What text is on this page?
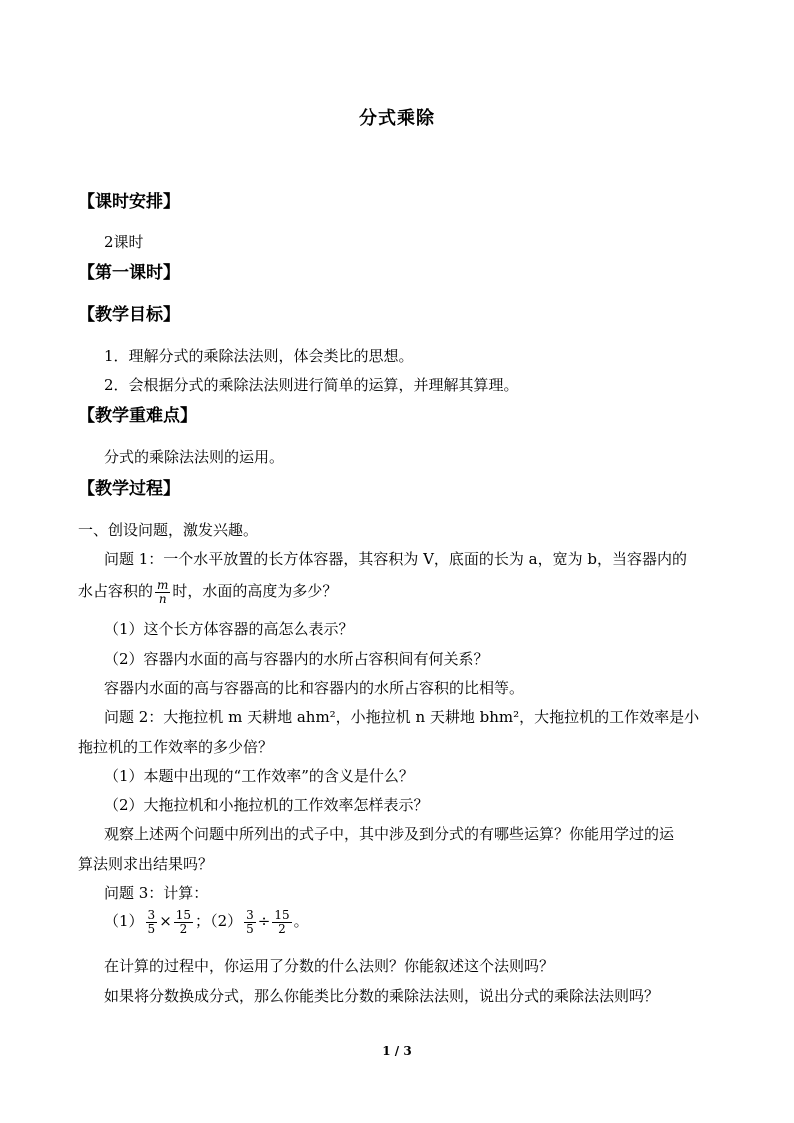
分式乘除
【课时安排】
2课时
【第一课时】
【教学目标】
1．理解分式的乘除法法则，体会类比的思想。
2．会根据分式的乘除法法则进行简单的运算，并理解其算理。
【教学重难点】
分式的乘除法法则的运用。
【教学过程】
一、创设问题，激发兴趣。
问题 1：一个水平放置的长方体容器，其容积为 V，底面的长为 a，宽为 b，当容器内的
水占容积的 $\frac{m}{n}$ 时，水面的高度为多少？
（1）这个长方体容器的高怎么表示？
（2）容器内水面的高与容器内的水所占容积间有何关系？
容器内水面的高与容器高的比和容器内的水所占容积的比相等。
问题 2：大拖拉机 m 天耕地 ahm²，小拖拉机 n 天耕地 bhm²，大拖拉机的工作效率是小
拖拉机的工作效率的多少倍？
（1）本题中出现的“工作效率”的含义是什么？
（2）大拖拉机和小拖拉机的工作效率怎样表示？
观察上述两个问题中所列出的式子中，其中涉及到分式的有哪些运算？你能用学过的运
算法则求出结果吗？
问题 3：计算：
$(1) \frac{3}{5} \times \frac{15}{2}$ ；$(2) \frac{3}{5} \div \frac{15}{2}$ 。
在计算的过程中，你运用了分数的什么法则？你能叙述这个法则吗？
如果将分数换成分式，那么你能类比分数的乘除法法则，说出分式的乘除法法则吗？
1 / 3
